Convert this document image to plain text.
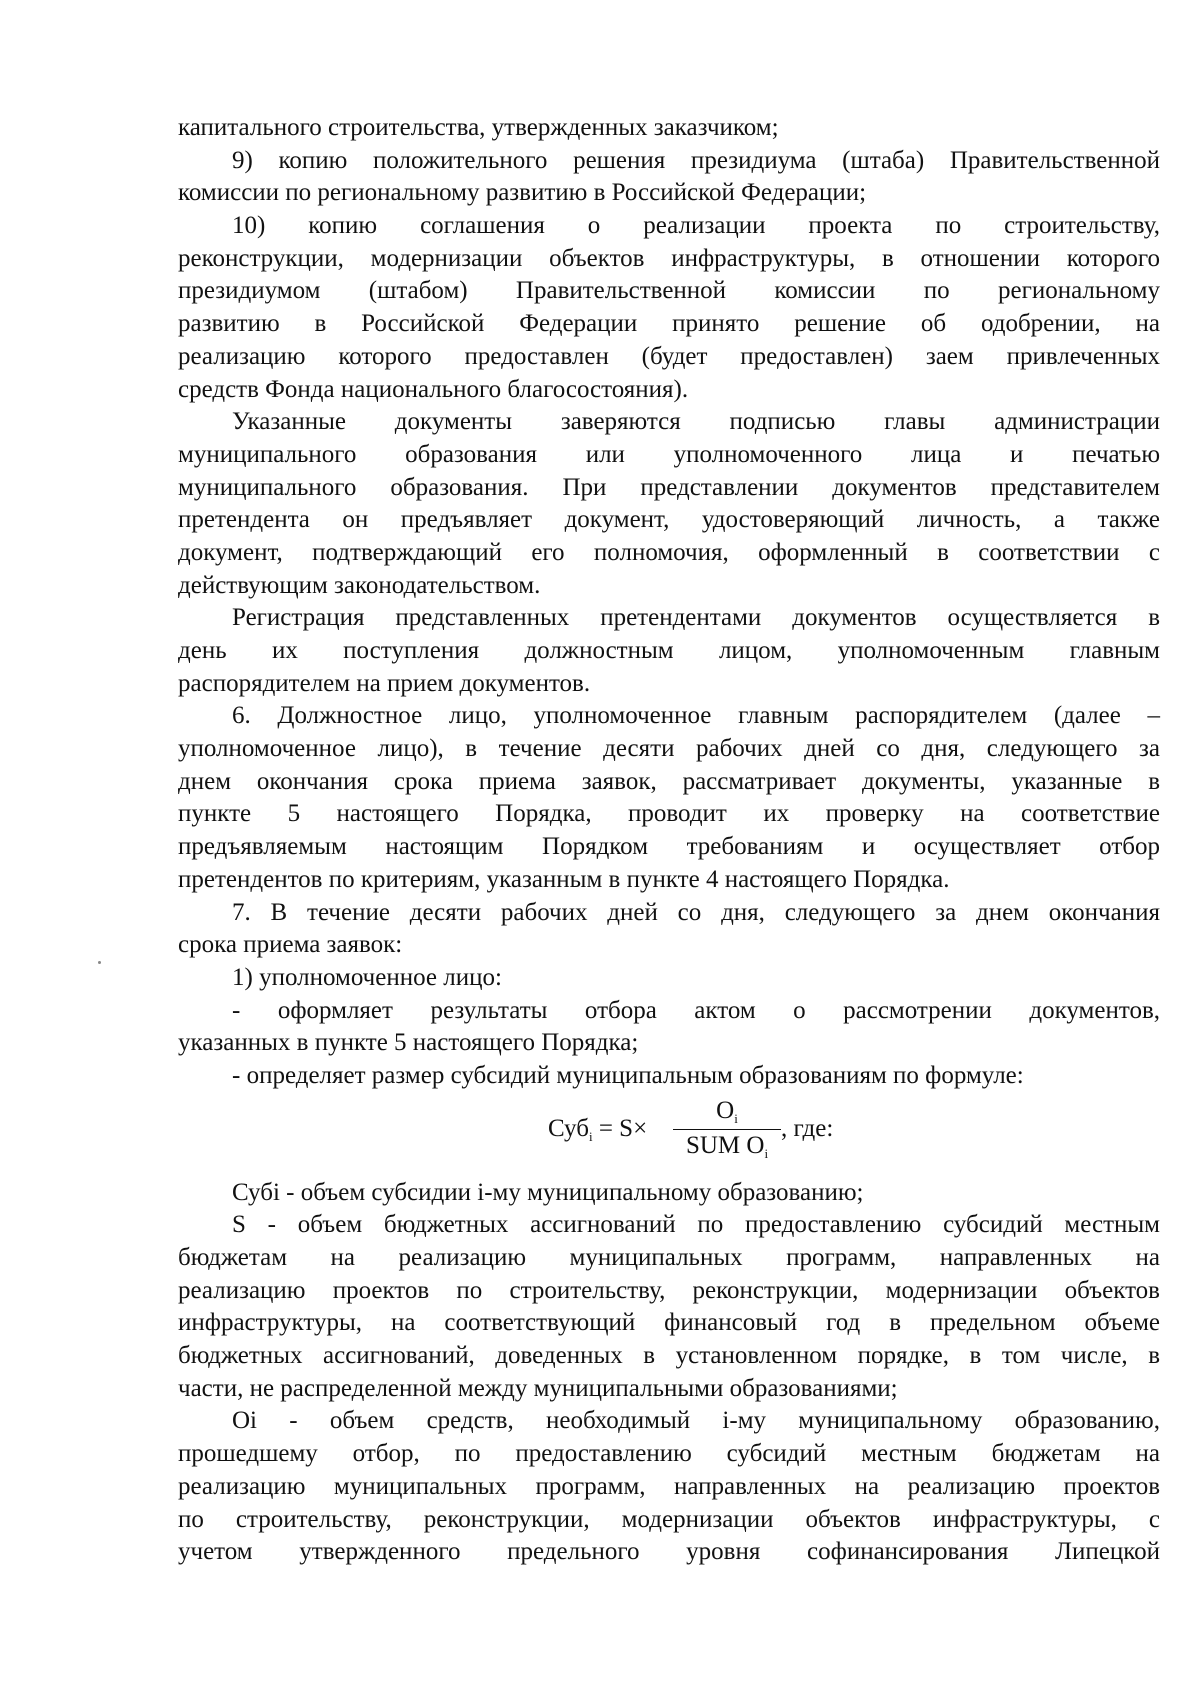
капитального строительства, утвержденных заказчиком;
9) копию положительного решения президиума (штаба) Правительственной
комиссии по региональному развитию в Российской Федерации;
10) копию соглашения о реализации проекта по строительству,
реконструкции, модернизации объектов инфраструктуры, в отношении которого
президиумом (штабом) Правительственной комиссии по региональному
развитию в Российской Федерации принято решение об одобрении, на
реализацию которого предоставлен (будет предоставлен) заем привлеченных
средств Фонда национального благосостояния).
Указанные документы заверяются подписью главы администрации
муниципального образования или уполномоченного лица и печатью
муниципального образования. При представлении документов представителем
претендента он предъявляет документ, удостоверяющий личность, а также
документ, подтверждающий его полномочия, оформленный в соответствии с
действующим законодательством.
Регистрация представленных претендентами документов осуществляется в
день их поступления должностным лицом, уполномоченным главным
распорядителем на прием документов.
6. Должностное лицо, уполномоченное главным распорядителем (далее –
уполномоченное лицо), в течение десяти рабочих дней со дня, следующего за
днем окончания срока приема заявок, рассматривает документы, указанные в
пункте 5 настоящего Порядка, проводит их проверку на соответствие
предъявляемым настоящим Порядком требованиям и осуществляет отбор
претендентов по критериям, указанным в пункте 4 настоящего Порядка.
7. В течение десяти рабочих дней со дня, следующего за днем окончания
срока приема заявок:
1) уполномоченное лицо:
- оформляет результаты отбора актом о рассмотрении документов,
указанных в пункте 5 настоящего Порядка;
- определяет размер субсидий муниципальным образованиям по формуле:
Суб$_i$ = S×
$O_i$
SUM $O_i$
, где:
Субi - объем субсидии i-му муниципальному образованию;
S - объем бюджетных ассигнований по предоставлению субсидий местным
бюджетам на реализацию муниципальных программ, направленных на
реализацию проектов по строительству, реконструкции, модернизации объектов
инфраструктуры, на соответствующий финансовый год в предельном объеме
бюджетных ассигнований, доведенных в установленном порядке, в том числе, в
части, не распределенной между муниципальными образованиями;
Oi - объем средств, необходимый i-му муниципальному образованию,
прошедшему отбор, по предоставлению субсидий местным бюджетам на
реализацию муниципальных программ, направленных на реализацию проектов
по строительству, реконструкции, модернизации объектов инфраструктуры, с
учетом утвержденного предельного уровня софинансирования Липецкой
